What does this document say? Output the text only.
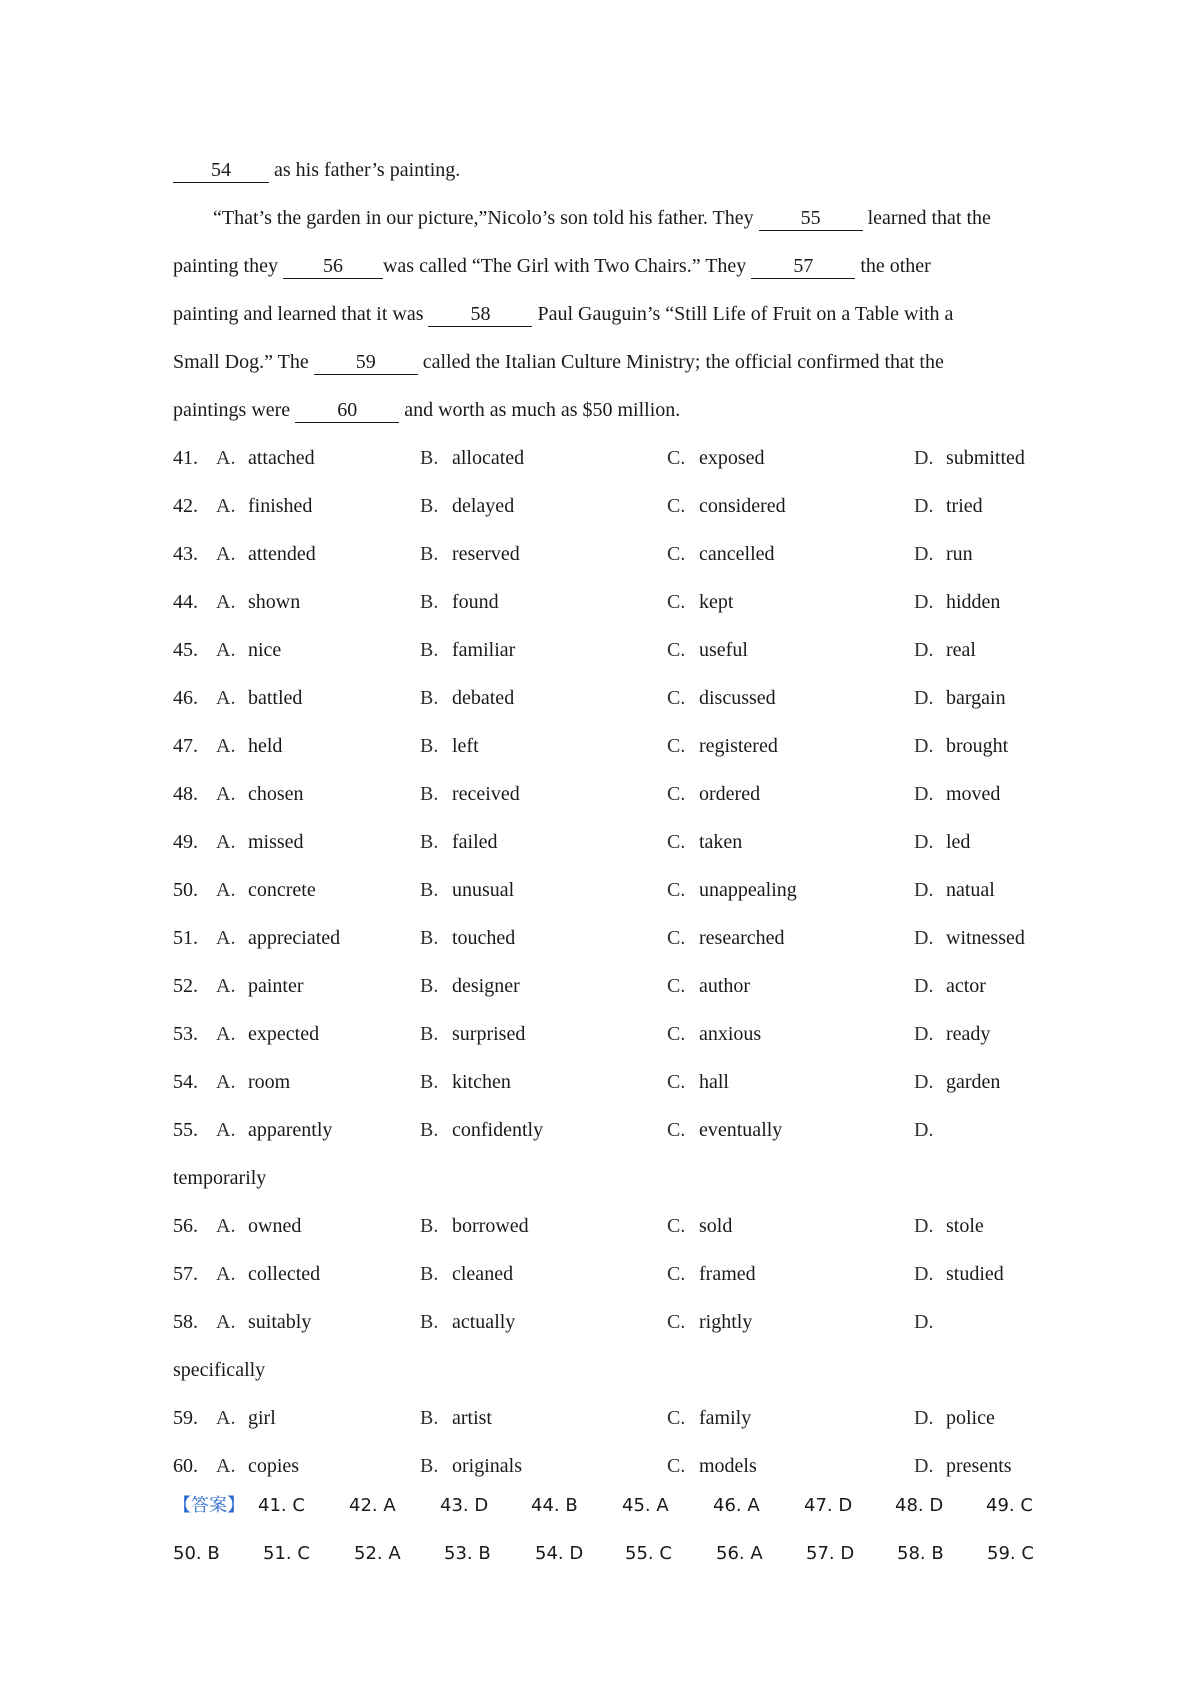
54 as his father’s painting.
“That’s the garden in our picture,”Nicolo’s son told his father. They 55 learned that the
painting they 56 was called “The Girl with Two Chairs.” They 57 the other
painting and learned that it was 58 Paul Gauguin’s “Still Life of Fruit on a Table with a
Small Dog.” The 59 called the Italian Culture Ministry; the official confirmed that the
paintings were 60 and worth as much as $50 million.
41. A. attached	B. allocated	C. exposed	D. submitted
42. A. finished	B. delayed	C. considered	D. tried
43. A. attended	B. reserved	C. cancelled	D. run
44. A. shown	B. found	C. kept	D. hidden
45. A. nice	B. familiar	C. useful	D. real
46. A. battled	B. debated	C. discussed	D. bargain
47. A. held	B. left	C. registered	D. brought
48. A. chosen	B. received	C. ordered	D. moved
49. A. missed	B. failed	C. taken	D. led
50. A. concrete	B. unusual	C. unappealing	D. natual
51. A. appreciated	B. touched	C. researched	D. witnessed
52. A. painter	B. designer	C. author	D. actor
53. A. expected	B. surprised	C. anxious	D. ready
54. A. room	B. kitchen	C. hall	D. garden
55. A. apparently	B. confidently	C. eventually	D.
temporarily
56. A. owned	B. borrowed	C. sold	D. stole
57. A. collected	B. cleaned	C. framed	D. studied
58. A. suitably	B. actually	C. rightly	D.
specifically
59. A. girl	B. artist	C. family	D. police
60. A. copies	B. originals	C. models	D. presents
【答案】 41. C 42. A 43. D 44. B 45. A 46. A 47. D 48. D 49. C
50. B 51. C 52. A 53. B 54. D 55. C 56. A 57. D 58. B 59. C
